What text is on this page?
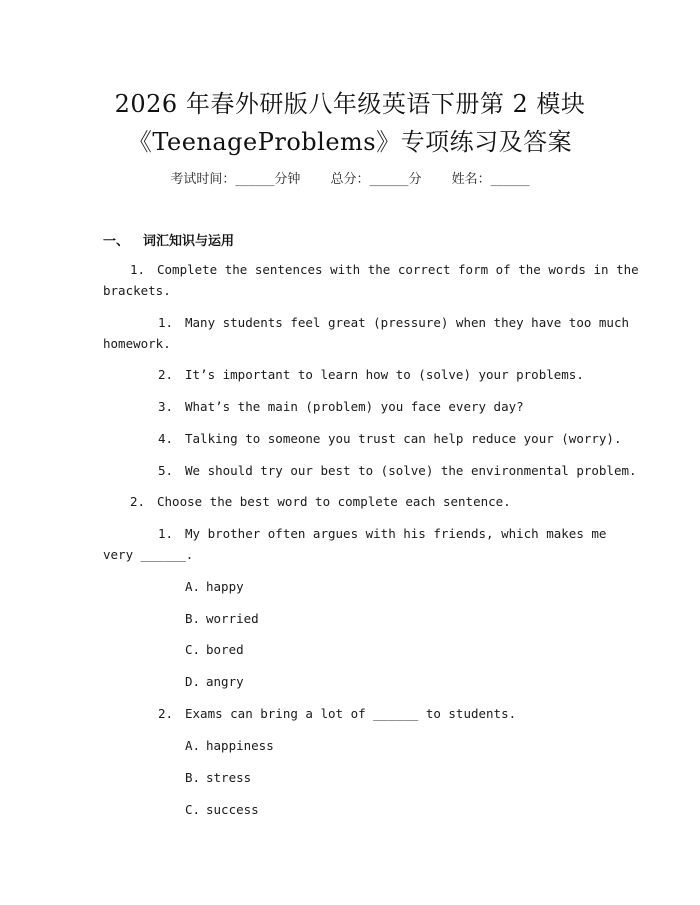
2026 年春外研版八年级英语下册第 2 模块
《TeenageProblems》专项练习及答案
考试时间：______分钟 总分：______分 姓名：______
一、 词汇知识与运用
1. Complete the sentences with the correct form of the words in the
brackets.
1. Many students feel great (pressure) when they have too much
homework.
2. It’s important to learn how to (solve) your problems.
3. What’s the main (problem) you face every day?
4. Talking to someone you trust can help reduce your (worry).
5. We should try our best to (solve) the environmental problem.
2. Choose the best word to complete each sentence.
1. My brother often argues with his friends, which makes me
very ______.
A. happy
B. worried
C. bored
D. angry
2. Exams can bring a lot of ______ to students.
A. happiness
B. stress
C. success
